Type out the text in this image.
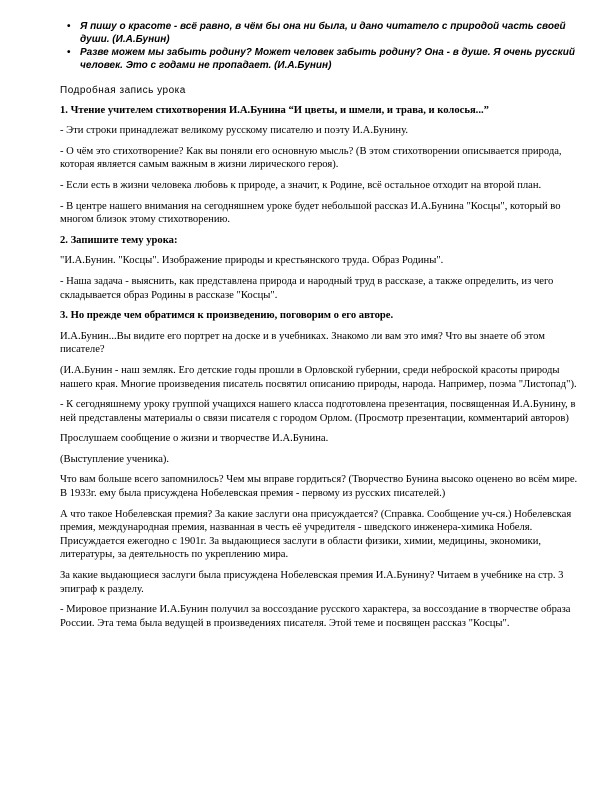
• Я пишу о красоте - всё равно, в чём бы она ни была, и дано читатело с природой часть своей души. (И.А.Бунин)
• Разве можем мы забыть родину? Может человек забыть родину? Она - в душе. Я очень русский человек. Это с годами не пропадает. (И.А.Бунин)
Подробная запись урока

1. Чтение учителем стихотворения И.А.Бунина “И цветы, и шмели, и трава, и колосья...”

- Эти строки принадлежат великому русскому писателю и поэту И.А.Бунину.

- О чём это стихотворение? Как вы поняли его основную мысль? (В этом стихотворении описывается природа, которая является самым важным в жизни лирического героя).

- Если есть в жизни человека любовь к природе, а значит, к Родине, всё остальное отходит на второй план.

- В центре нашего внимания на сегодняшнем уроке будет небольшой рассказ И.А.Бунина "Косцы", который во многом близок этому стихотворению.

2. Запишите тему урока:

"И.А.Бунин. "Косцы". Изображение природы и крестьянского труда. Образ Родины".

- Наша задача - выяснить, как представлена природа и народный труд в рассказе, а также определить, из чего складывается образ Родины в рассказе "Косцы".

3. Но прежде чем обратимся к произведению, поговорим о его авторе.

И.А.Бунин...Вы видите его портрет на доске и в учебниках. Знакомо ли вам это имя? Что вы знаете об этом писателе?

(И.А.Бунин - наш земляк. Его детские годы прошли в Орловской губернии, среди неброской красоты природы нашего края. Многие произведения писатель посвятил описанию природы, народа. Например, поэма "Листопад").

- К сегодняшнему уроку группой учащихся нашего класса подготовлена презентация, посвященная И.А.Бунину, в ней представлены материалы о связи писателя с городом Орлом. (Просмотр презентации, комментарий авторов)

Прослушаем сообщение о жизни и творчестве И.А.Бунина.

(Выступление ученика).

Что вам больше всего запомнилось? Чем мы вправе гордиться? (Творчество Бунина высоко оценено во всём мире. В 1933г. ему была присуждена Нобелевская премия - первому из русских писателей.)

А что такое Нобелевская премия? За какие заслуги она присуждается? (Справка. Сообщение уч-ся.) Нобелевская премия, международная премия, названная в честь её учредителя - шведского инженера-химика Нобеля. Присуждается ежегодно с 1901г. За выдающиеся заслуги в области физики, химии, медицины, экономики, литературы, за деятельность по укреплению мира.

За какие выдающиеся заслуги была присуждена Нобелевская премия И.А.Бунину? Читаем в учебнике на стр. 3 эпиграф к разделу.

- Мировое признание И.А.Бунин получил за воссоздание русского характера, за воссоздание в творчестве образа России. Эта тема была ведущей в произведениях писателя. Этой теме и посвящен рассказ "Косцы".
